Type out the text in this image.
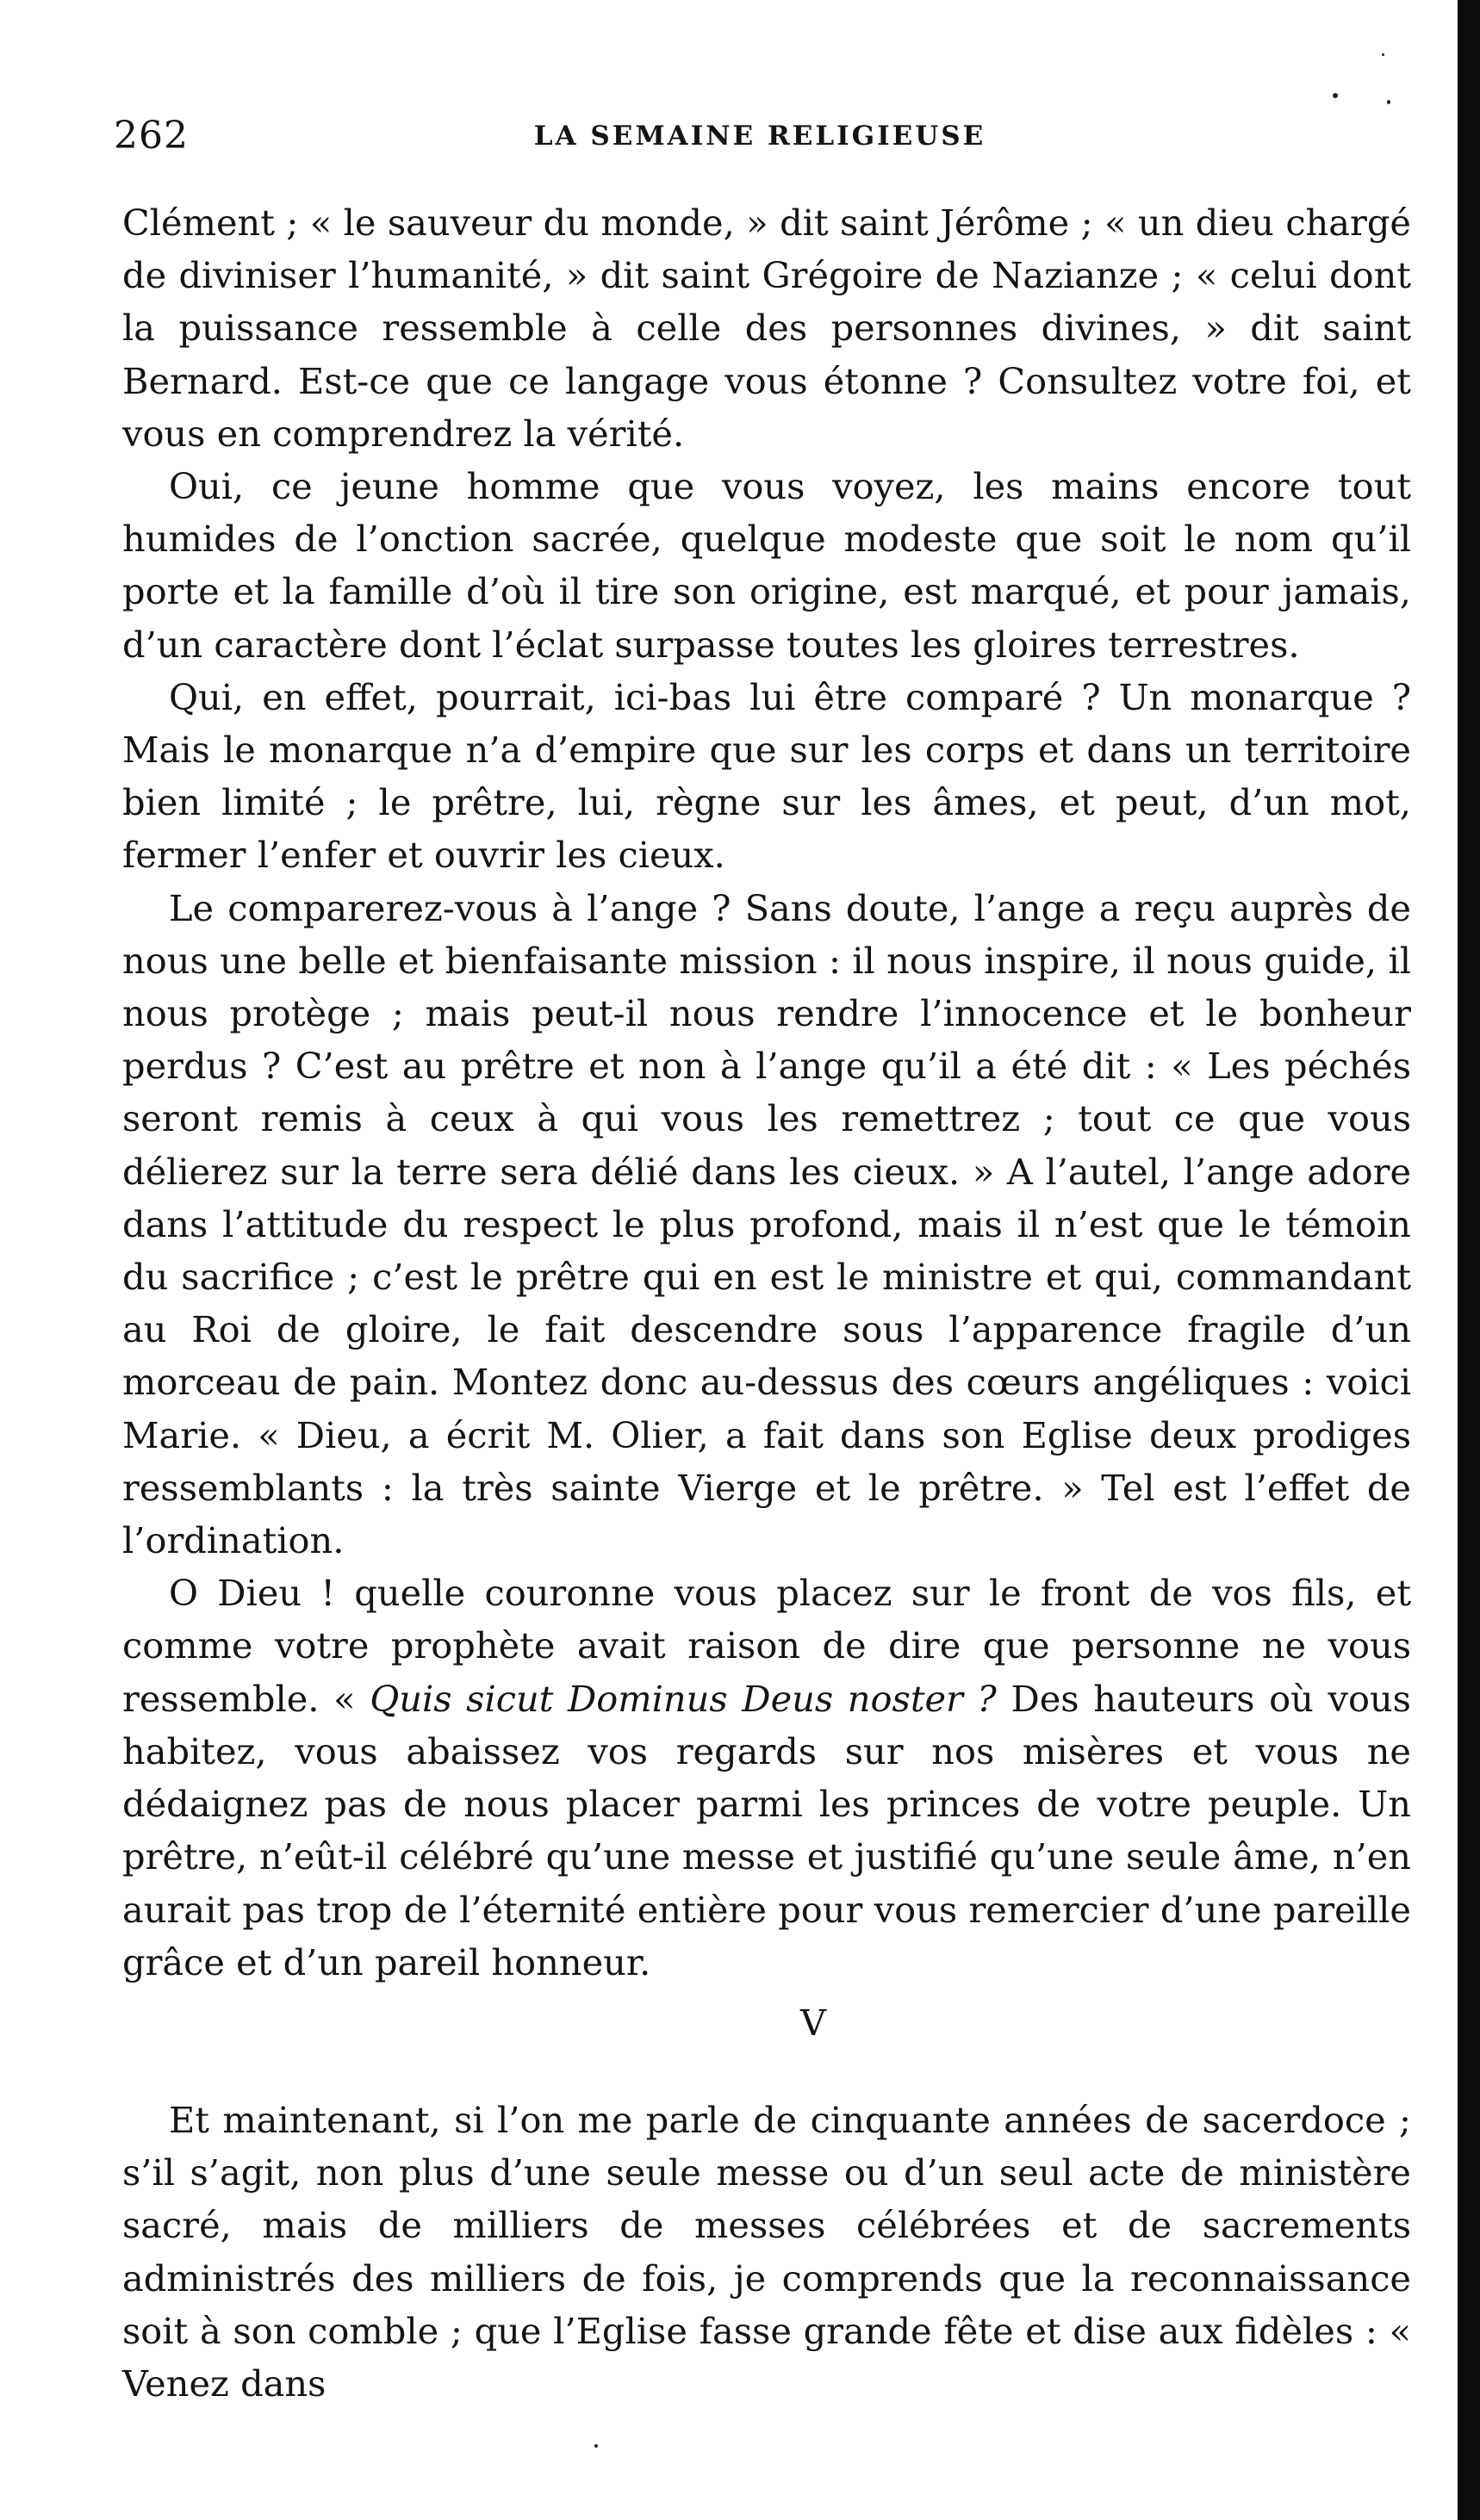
262	LA SEMAINE RELIGIEUSE

Clément ; « le sauveur du monde, » dit saint Jérôme ; « un dieu chargé de diviniser l’humanité, » dit saint Grégoire de Nazianze ; « celui dont la puissance ressemble à celle des personnes divines, » dit saint Bernard. Est-ce que ce langage vous étonne ? Consultez votre foi, et vous en comprendrez la vérité.

Oui, ce jeune homme que vous voyez, les mains encore tout humides de l’onction sacrée, quelque modeste que soit le nom qu’il porte et la famille d’où il tire son origine, est marqué, et pour jamais, d’un caractère dont l’éclat surpasse toutes les gloires terrestres.

Qui, en effet, pourrait, ici-bas lui être comparé ? Un monarque ? Mais le monarque n’a d’empire que sur les corps et dans un territoire bien limité ; le prêtre, lui, règne sur les âmes, et peut, d’un mot, fermer l’enfer et ouvrir les cieux.

Le comparerez-vous à l’ange ? Sans doute, l’ange a reçu auprès de nous une belle et bienfaisante mission : il nous inspire, il nous guide, il nous protège ; mais peut-il nous rendre l’innocence et le bonheur perdus ? C’est au prêtre et non à l’ange qu’il a été dit : « Les péchés seront remis à ceux à qui vous les remettrez ; tout ce que vous délierez sur la terre sera délié dans les cieux. » A l’autel, l’ange adore dans l’attitude du respect le plus profond, mais il n’est que le témoin du sacrifice ; c’est le prêtre qui en est le ministre et qui, commandant au Roi de gloire, le fait descendre sous l’apparence fragile d’un morceau de pain. Montez donc au-dessus des cœurs angéliques : voici Marie. « Dieu, a écrit M. Olier, a fait dans son Eglise deux prodiges ressemblants : la très sainte Vierge et le prêtre. » Tel est l’effet de l’ordination.

O Dieu ! quelle couronne vous placez sur le front de vos fils, et comme votre prophète avait raison de dire que personne ne vous ressemble. « Quis sicut Dominus Deus noster ? Des hauteurs où vous habitez, vous abaissez vos regards sur nos misères et vous ne dédaignez pas de nous placer parmi les princes de votre peuple. Un prêtre, n’eût-il célébré qu’une messe et justifié qu’une seule âme, n’en aurait pas trop de l’éternité entière pour vous remercier d’une pareille grâce et d’un pareil honneur.

V

Et maintenant, si l’on me parle de cinquante années de sacerdoce ; s’il s’agit, non plus d’une seule messe ou d’un seul acte de ministère sacré, mais de milliers de messes célébrées et de sacrements administrés des milliers de fois, je comprends que la reconnaissance soit à son comble ; que l’Eglise fasse grande fête et dise aux fidèles : « Venez dans
